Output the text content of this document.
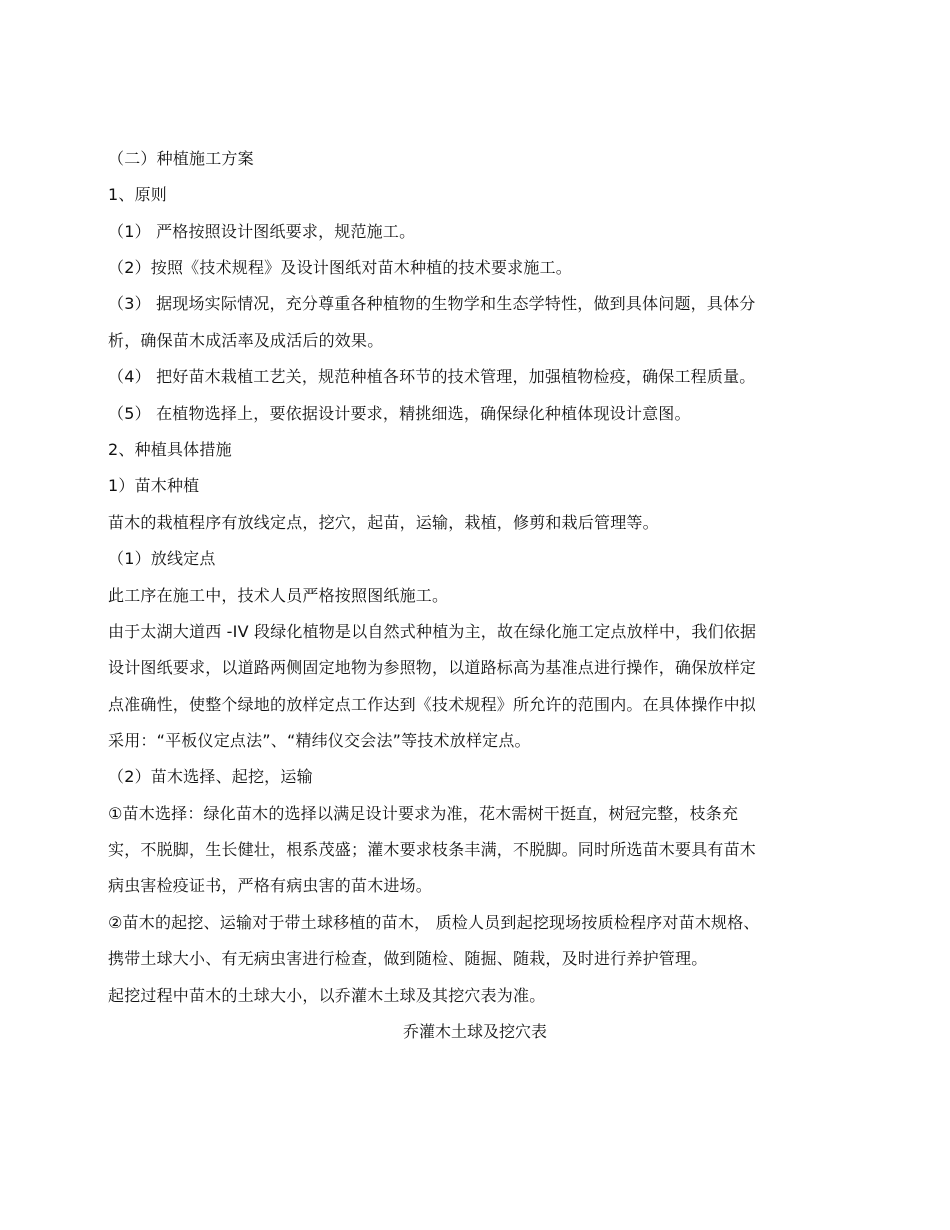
（二）种植施工方案
1、原则
（1） 严格按照设计图纸要求，规范施工。
（2）按照《技术规程》及设计图纸对苗木种植的技术要求施工。
（3） 据现场实际情况，充分尊重各种植物的生物学和生态学特性，做到具体问题，具体分
析，确保苗木成活率及成活后的效果。
（4） 把好苗木栽植工艺关，规范种植各环节的技术管理，加强植物检疫，确保工程质量。
（5） 在植物选择上，要依据设计要求，精挑细选，确保绿化种植体现设计意图。
2、种植具体措施
1）苗木种植
苗木的栽植程序有放线定点，挖穴，起苗，运输，栽植，修剪和栽后管理等。
（1）放线定点
此工序在施工中，技术人员严格按照图纸施工。
由于太湖大道西 -IV 段绿化植物是以自然式种植为主，故在绿化施工定点放样中，我们依据
设计图纸要求，以道路两侧固定地物为参照物，以道路标高为基准点进行操作，确保放样定
点准确性，使整个绿地的放样定点工作达到《技术规程》所允许的范围内。在具体操作中拟
采用：“平板仪定点法”、“精纬仪交会法”等技术放样定点。
（2）苗木选择、起挖，运输
①苗木选择：绿化苗木的选择以满足设计要求为准，花木需树干挺直，树冠完整，枝条充
实，不脱脚，生长健壮，根系茂盛；灌木要求枝条丰满，不脱脚。同时所选苗木要具有苗木
病虫害检疫证书，严格有病虫害的苗木进场。
②苗木的起挖、运输对于带土球移植的苗木， 质检人员到起挖现场按质检程序对苗木规格、
携带土球大小、有无病虫害进行检查，做到随检、随掘、随栽，及时进行养护管理。
起挖过程中苗木的土球大小，以乔灌木土球及其挖穴表为准。
乔灌木土球及挖穴表
